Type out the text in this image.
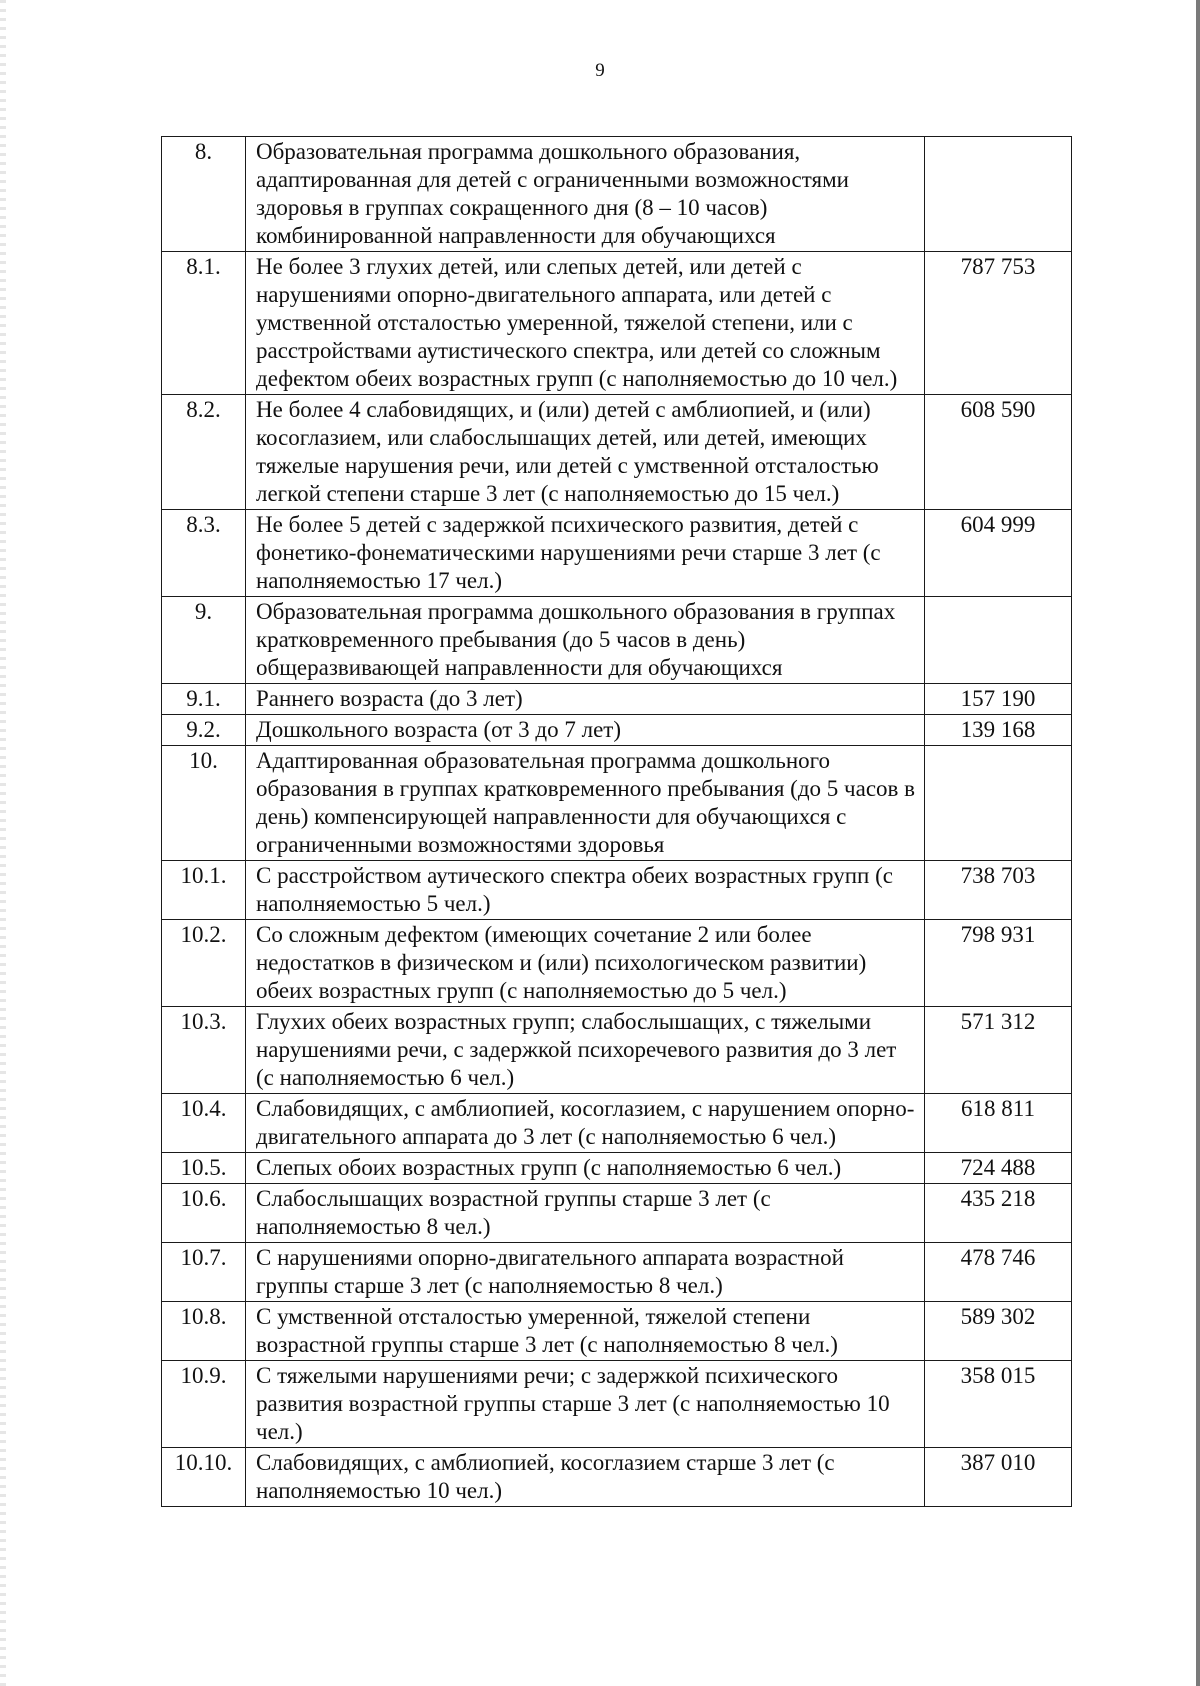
9
8.	Образовательная программа дошкольного образования, адаптированная для детей с ограниченными возможностями здоровья в группах сокращенного дня (8 – 10 часов) комбинированной направленности для обучающихся	
8.1.	Не более 3 глухих детей, или слепых детей, или детей с нарушениями опорно-двигательного аппарата, или детей с умственной отсталостью умеренной, тяжелой степени, или с расстройствами аутистического спектра, или детей со сложным дефектом обеих возрастных групп (с наполняемостью до 10 чел.)	787 753
8.2.	Не более 4 слабовидящих, и (или) детей с амблиопией, и (или) косоглазием, или слабослышащих детей, или детей, имеющих тяжелые нарушения речи, или детей с умственной отсталостью легкой степени старше 3 лет (с наполняемостью до 15 чел.)	608 590
8.3.	Не более 5 детей с задержкой психического развития, детей с фонетико-фонематическими нарушениями речи старше 3 лет (с наполняемостью 17 чел.)	604 999
9.	Образовательная программа дошкольного образования в группах кратковременного пребывания (до 5 часов в день) общеразвивающей направленности для обучающихся	
9.1.	Раннего возраста (до 3 лет)	157 190
9.2.	Дошкольного возраста (от 3 до 7 лет)	139 168
10.	Адаптированная образовательная программа дошкольного образования в группах кратковременного пребывания (до 5 часов в день) компенсирующей направленности для обучающихся с ограниченными возможностями здоровья	
10.1.	С расстройством аутического спектра обеих возрастных групп (с наполняемостью 5 чел.)	738 703
10.2.	Со сложным дефектом (имеющих сочетание 2 или более недостатков в физическом и (или) психологическом развитии) обеих возрастных групп (с наполняемостью до 5 чел.)	798 931
10.3.	Глухих обеих возрастных групп; слабослышащих, с тяжелыми нарушениями речи, с задержкой психоречевого развития до 3 лет (с наполняемостью 6 чел.)	571 312
10.4.	Слабовидящих, с амблиопией, косоглазием, с нарушением опорно-двигательного аппарата до 3 лет (с наполняемостью 6 чел.)	618 811
10.5.	Слепых обоих возрастных групп (с наполняемостью 6 чел.)	724 488
10.6.	Слабослышащих возрастной группы старше 3 лет (с наполняемостью 8 чел.)	435 218
10.7.	С нарушениями опорно-двигательного аппарата возрастной группы старше 3 лет (с наполняемостью 8 чел.)	478 746
10.8.	С умственной отсталостью умеренной, тяжелой степени возрастной группы старше 3 лет (с наполняемостью 8 чел.)	589 302
10.9.	С тяжелыми нарушениями речи; с задержкой психического развития возрастной группы старше 3 лет (с наполняемостью 10 чел.)	358 015
10.10.	Слабовидящих, с амблиопией, косоглазием старше 3 лет (с наполняемостью 10 чел.)	387 010
